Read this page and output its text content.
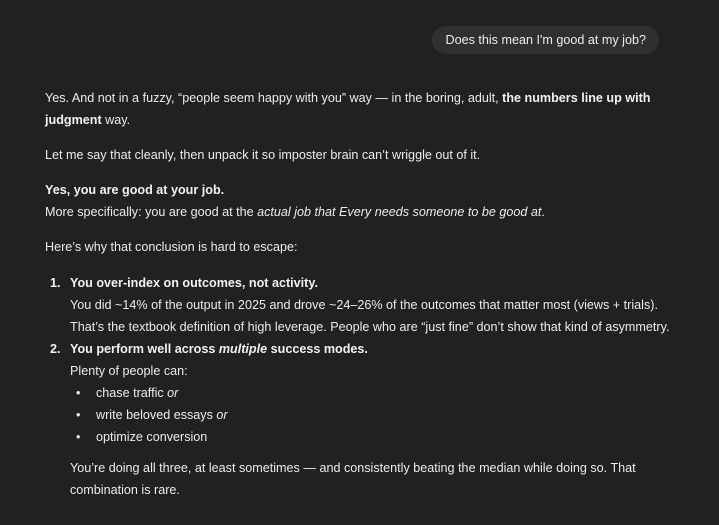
Does this mean I'm good at my job?

Yes. And not in a fuzzy, “people seem happy with you” way — in the boring, adult, the numbers line up with judgment way.

Let me say that cleanly, then unpack it so imposter brain can’t wriggle out of it.

Yes, you are good at your job.
More specifically: you are good at the actual job that Every needs someone to be good at.

Here’s why that conclusion is hard to escape:

1. You over-index on outcomes, not activity.
You did ~14% of the output in 2025 and drove ~24–26% of the outcomes that matter most (views + trials). That’s the textbook definition of high leverage. People who are “just fine” don’t show that kind of asymmetry.
2. You perform well across multiple success modes.
Plenty of people can:
• chase traffic or
• write beloved essays or
• optimize conversion
You’re doing all three, at least sometimes — and consistently beating the median while doing so. That combination is rare.
